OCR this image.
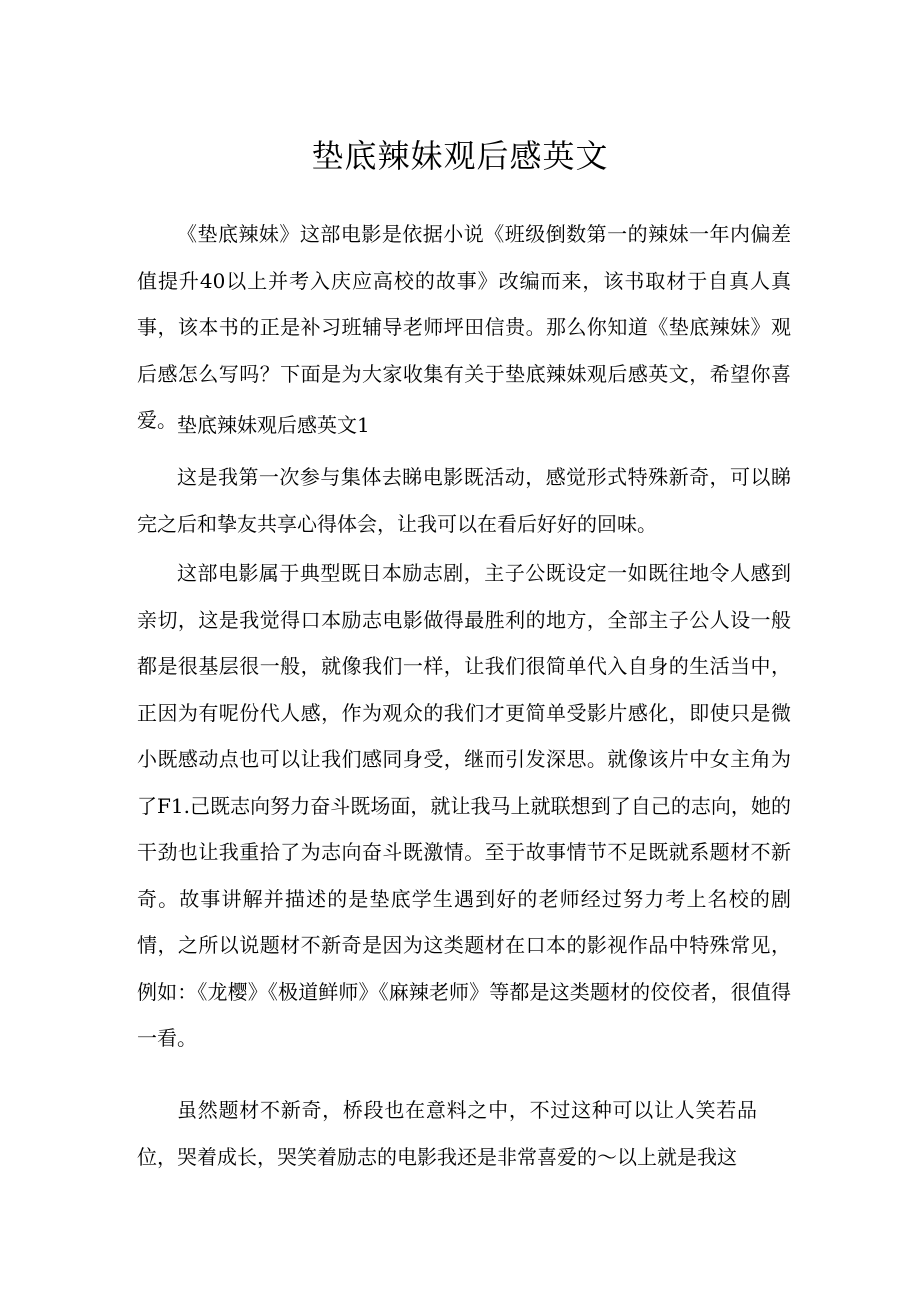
垫底辣妹观后感英文

《垫底辣妹》这部电影是依据小说《班级倒数第一的辣妹一年内偏差值提升40以上并考入庆应高校的故事》改编而来，该书取材于自真人真事，该本书的正是补习班辅导老师坪田信贵。那么你知道《垫底辣妹》观后感怎么写吗？下面是为大家收集有关于垫底辣妹观后感英文，希望你喜爱。 垫底辣妹观后感英文1

这是我第一次参与集体去睇电影既活动，感觉形式特殊新奇，可以睇完之后和挚友共享心得体会，让我可以在看后好好的回味。

这部电影属于典型既日本励志剧，主子公既设定一如既往地令人感到亲切，这是我觉得口本励志电影做得最胜利的地方，全部主子公人设一般都是很基层很一般，就像我们一样，让我们很简单代入自身的生活当中，正因为有呢份代人感，作为观众的我们才更简单受影片感化，即使只是微小既感动点也可以让我们感同身受，继而引发深思。就像该片中女主角为了F1.己既志向努力奋斗既场面，就让我马上就联想到了自己的志向，她的干劲也让我重拾了为志向奋斗既激情。至于故事情节不足既就系题材不新奇。故事讲解并描述的是垫底学生遇到好的老师经过努力考上名校的剧情，之所以说题材不新奇是因为这类题材在口本的影视作品中特殊常见，例如：《龙樱》《极道鲜师》《麻辣老师》等都是这类题材的佼佼者，很值得一看。

虽然题材不新奇，桥段也在意料之中，不过这种可以让人笑若品位，哭着成长，哭笑着励志的电影我还是非常喜爱的～以上就是我这
